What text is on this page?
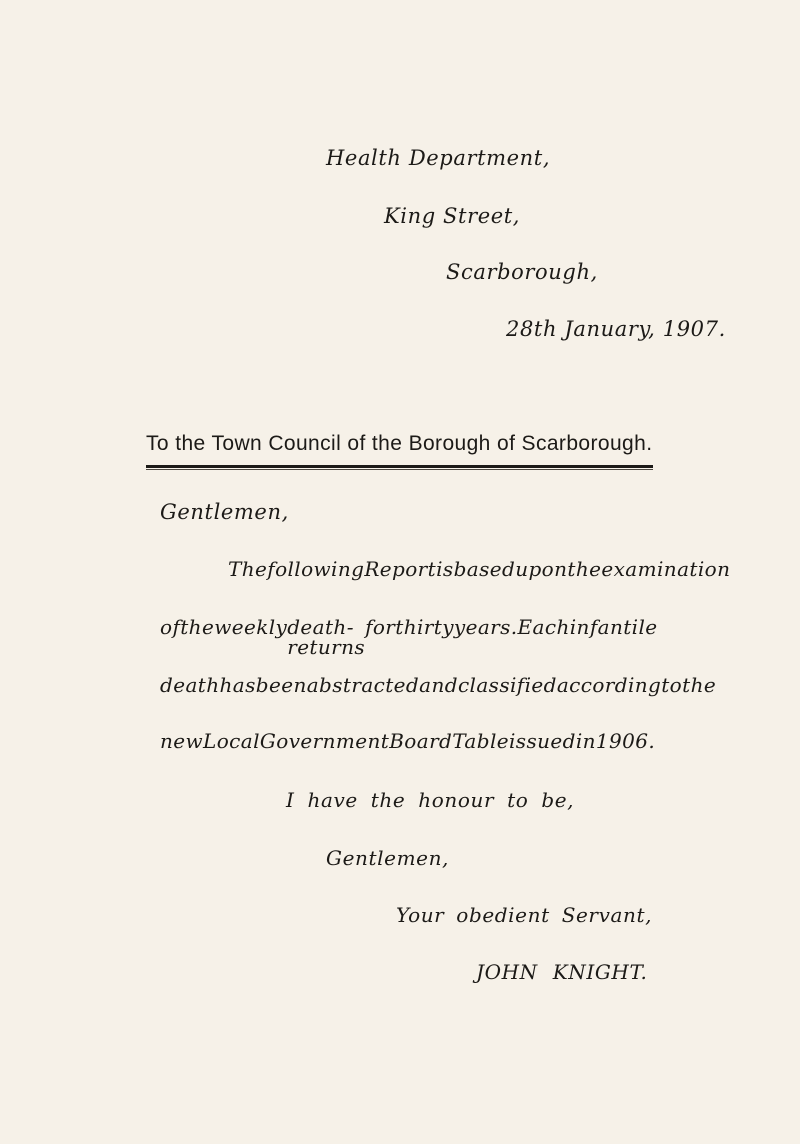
Health Department,
King Street,
Scarborough,
28th January, 1907.
To the Town Council of the Borough of Scarborough.
Gentlemen,
The following Report is based upon the examination
of the weekly death-returns
for thirty years. Each infantile
death has been abstracted and classified according to the
new Local Government Board Table issued in 1906.
I have the honour to be,
Gentlemen,
Your obedient Servant,
JOHN KNIGHT.
